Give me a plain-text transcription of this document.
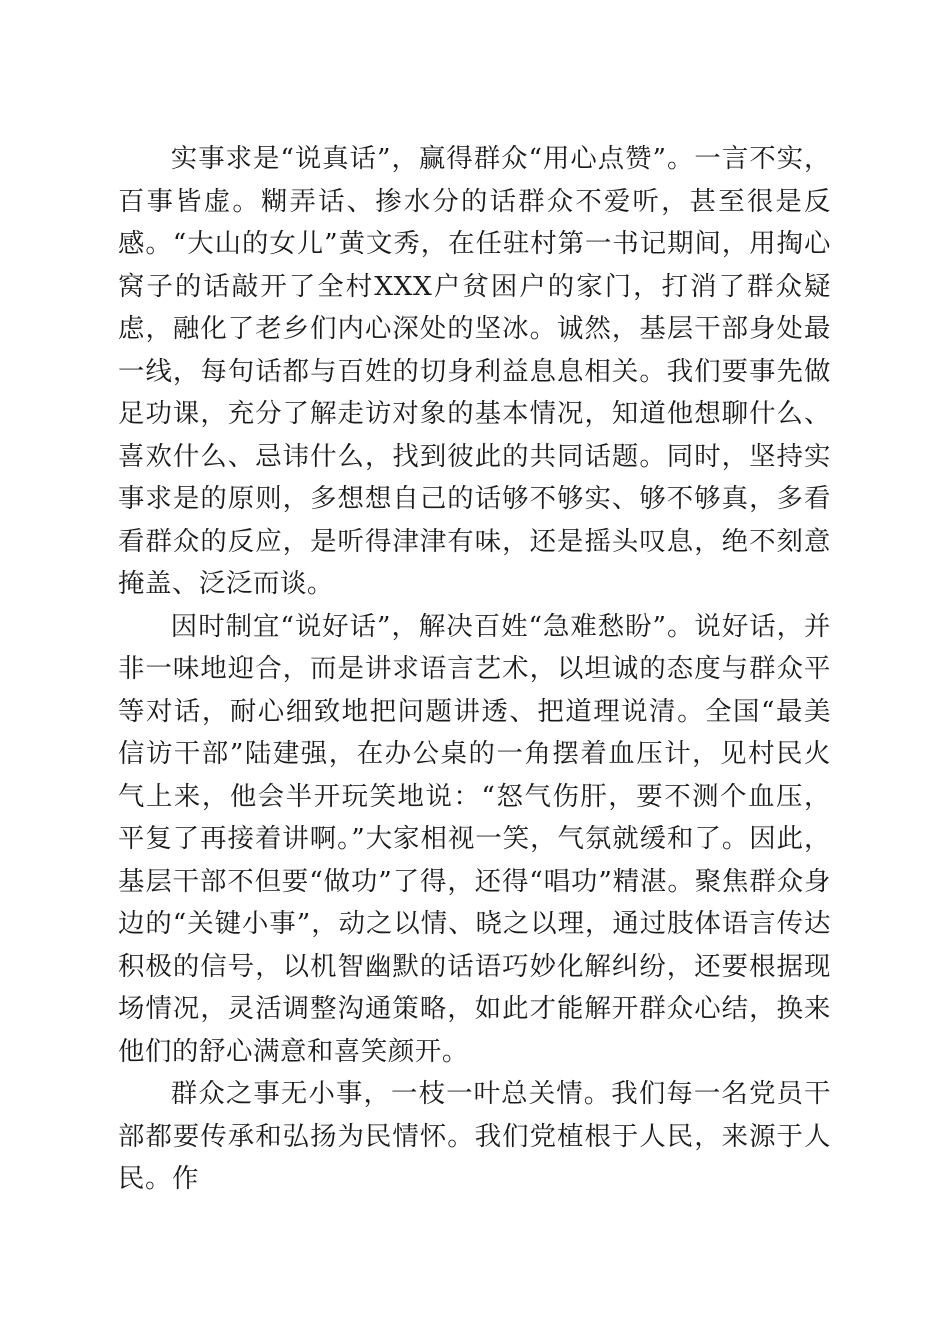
实事求是“说真话”，赢得群众“用心点赞”。一言不实，百事皆虚。糊弄话、掺水分的话群众不爱听，甚至很是反感。“大山的女儿”黄文秀，在任驻村第一书记期间，用掏心窝子的话敲开了全村XXX户贫困户的家门，打消了群众疑虑，融化了老乡们内心深处的坚冰。诚然，基层干部身处最一线，每句话都与百姓的切身利益息息相关。我们要事先做足功课，充分了解走访对象的基本情况，知道他想聊什么、喜欢什么、忌讳什么，找到彼此的共同话题。同时，坚持实事求是的原则，多想想自己的话够不够实、够不够真，多看看群众的反应，是听得津津有味，还是摇头叹息，绝不刻意掩盖、泛泛而谈。

因时制宜“说好话”，解决百姓“急难愁盼”。说好话，并非一味地迎合，而是讲求语言艺术，以坦诚的态度与群众平等对话，耐心细致地把问题讲透、把道理说清。全国“最美信访干部”陆建强，在办公桌的一角摆着血压计，见村民火气上来，他会半开玩笑地说：“怒气伤肝，要不测个血压，平复了再接着讲啊。”大家相视一笑，气氛就缓和了。因此，基层干部不但要“做功”了得，还得“唱功”精湛。聚焦群众身边的“关键小事”，动之以情、晓之以理，通过肢体语言传达积极的信号，以机智幽默的话语巧妙化解纠纷，还要根据现场情况，灵活调整沟通策略，如此才能解开群众心结，换来他们的舒心满意和喜笑颜开。

群众之事无小事，一枝一叶总关情。我们每一名党员干部都要传承和弘扬为民情怀。我们党植根于人民，来源于人民。作
